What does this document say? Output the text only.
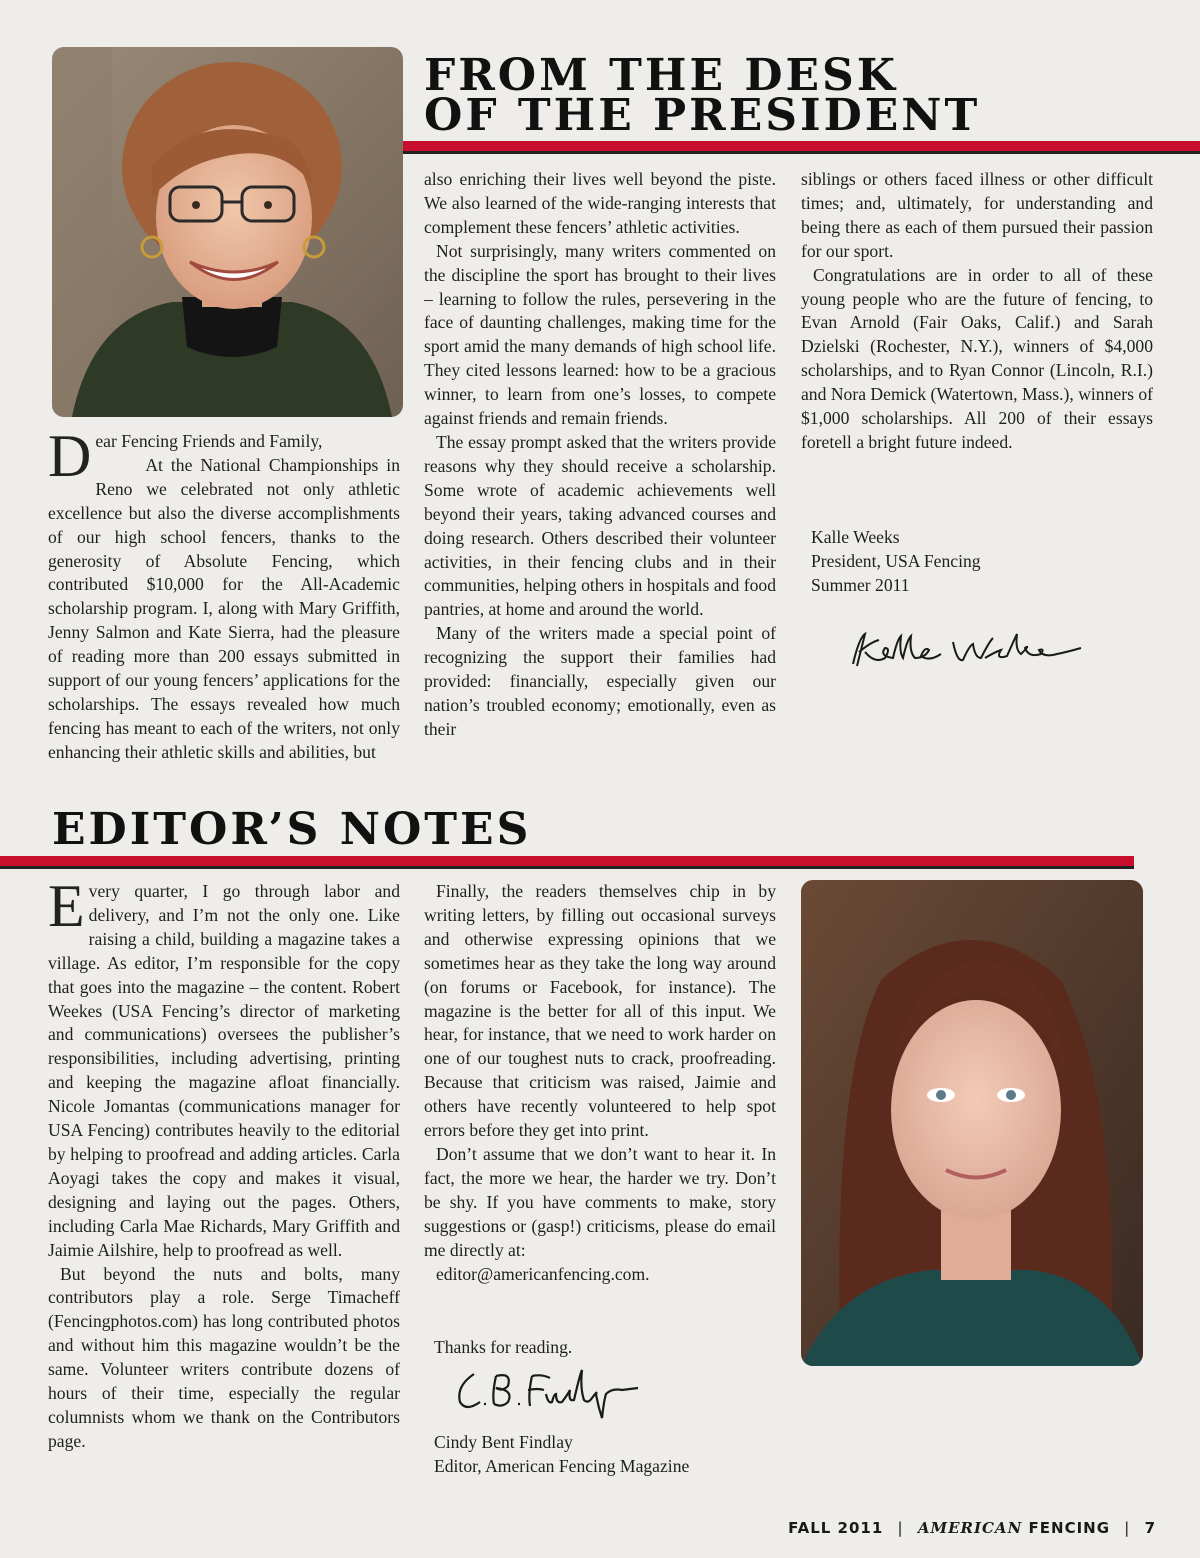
FROM THE DESK
OF THE PRESIDENT

Dear Fencing Friends and Family,

At the National Championships in Reno we celebrated not only athletic excellence but also the diverse accomplishments of our high school fencers, thanks to the generosity of Absolute Fencing, which contributed $10,000 for the All-Academic scholarship program. I, along with Mary Griffith, Jenny Salmon and Kate Sierra, had the pleasure of reading more than 200 essays submitted in support of our young fencers’ applications for the scholarships. The essays revealed how much fencing has meant to each of the writers, not only enhancing their athletic skills and abilities, but

also enriching their lives well beyond the piste. We also learned of the wide-ranging interests that complement these fencers’ athletic activities.

Not surprisingly, many writers commented on the discipline the sport has brought to their lives – learning to follow the rules, persevering in the face of daunting challenges, making time for the sport amid the many demands of high school life. They cited lessons learned: how to be a gracious winner, to learn from one’s losses, to compete against friends and remain friends.

The essay prompt asked that the writers provide reasons why they should receive a scholarship. Some wrote of academic achievements well beyond their years, taking advanced courses and doing research. Others described their volunteer activities, in their fencing clubs and in their communities, helping others in hospitals and food pantries, at home and around the world.

Many of the writers made a special point of recognizing the support their families had provided: financially, especially given our nation’s troubled economy; emotionally, even as their

siblings or others faced illness or other difficult times; and, ultimately, for understanding and being there as each of them pursued their passion for our sport.

Congratulations are in order to all of these young people who are the future of fencing, to Evan Arnold (Fair Oaks, Calif.) and Sarah Dzielski (Rochester, N.Y.), winners of $4,000 scholarships, and to Ryan Connor (Lincoln, R.I.) and Nora Demick (Watertown, Mass.), winners of $1,000 scholarships. All 200 of their essays foretell a bright future indeed.

Kalle Weeks
President, USA Fencing
Summer 2011
EDITOR’S NOTES

Every quarter, I go through labor and delivery, and I’m not the only one. Like raising a child, building a magazine takes a village. As editor, I’m responsible for the copy that goes into the magazine – the content. Robert Weekes (USA Fencing’s director of marketing and communications) oversees the publisher’s responsibilities, including advertising, printing and keeping the magazine afloat financially. Nicole Jomantas (communications manager for USA Fencing) contributes heavily to the editorial by helping to proofread and adding articles. Carla Aoyagi takes the copy and makes it visual, designing and laying out the pages. Others, including Carla Mae Richards, Mary Griffith and Jaimie Ailshire, help to proofread as well.

But beyond the nuts and bolts, many contributors play a role. Serge Timacheff (Fencingphotos.com) has long contributed photos and without him this magazine wouldn’t be the same. Volunteer writers contribute dozens of hours of their time, especially the regular columnists whom we thank on the Contributors page.

Finally, the readers themselves chip in by writing letters, by filling out occasional surveys and otherwise expressing opinions that we sometimes hear as they take the long way around (on forums or Facebook, for instance). The magazine is the better for all of this input. We hear, for instance, that we need to work harder on one of our toughest nuts to crack, proofreading. Because that criticism was raised, Jaimie and others have recently volunteered to help spot errors before they get into print.

Don’t assume that we don’t want to hear it. In fact, the more we hear, the harder we try. Don’t be shy. If you have comments to make, story suggestions or (gasp!) criticisms, please do email me directly at:

editor@americanfencing.com.

Thanks for reading.
Cindy Bent Findlay
Editor, American Fencing Magazine
FALL 2011 | AMERICAN FENCING | 7
